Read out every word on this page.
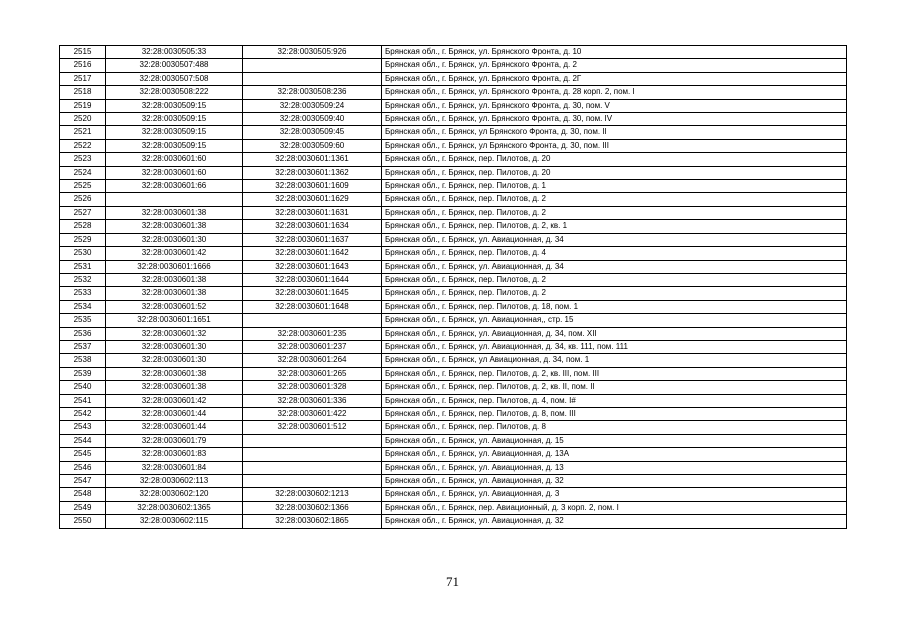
2515	32:28:0030505:33	32:28:0030505:926	Брянская обл., г. Брянск, ул. Брянского Фронта, д. 10
2516	32:28:0030507:488		Брянская обл., г. Брянск, ул. Брянского Фронта, д. 2
2517	32:28:0030507:508		Брянская обл., г. Брянск, ул. Брянского Фронта, д. 2Г
2518	32:28:0030508:222	32:28:0030508:236	Брянская обл., г. Брянск, ул. Брянского Фронта, д. 28 корп. 2, пом. I
2519	32:28:0030509:15	32:28:0030509:24	Брянская обл., г. Брянск, ул. Брянского Фронта, д. 30, пом. V
2520	32:28:0030509:15	32:28:0030509:40	Брянская обл., г. Брянск, ул. Брянского Фронта, д. 30, пом. IV
2521	32:28:0030509:15	32:28:0030509:45	Брянская обл., г. Брянск, ул Брянского Фронта, д. 30, пом. II
2522	32:28:0030509:15	32:28:0030509:60	Брянская обл., г. Брянск, ул Брянского Фронта, д. 30, пом. III
2523	32:28:0030601:60	32:28:0030601:1361	Брянская обл., г. Брянск, пер. Пилотов, д. 20
2524	32:28:0030601:60	32:28:0030601:1362	Брянская обл., г. Брянск, пер. Пилотов, д. 20
2525	32:28:0030601:66	32:28:0030601:1609	Брянская обл., г. Брянск, пер. Пилотов, д. 1
2526		32:28:0030601:1629	Брянская обл., г. Брянск, пер. Пилотов, д. 2
2527	32:28:0030601:38	32:28:0030601:1631	Брянская обл., г. Брянск, пер. Пилотов, д. 2
2528	32:28:0030601:38	32:28:0030601:1634	Брянская обл., г. Брянск, пер. Пилотов, д. 2, кв. 1
2529	32:28:0030601:30	32:28:0030601:1637	Брянская обл., г. Брянск, ул. Авиационная, д. 34
2530	32:28:0030601:42	32:28:0030601:1642	Брянская обл., г. Брянск, пер. Пилотов, д. 4
2531	32:28:0030601:1666	32:28:0030601:1643	Брянская обл., г. Брянск, ул. Авиационная, д. 34
2532	32:28:0030601:38	32:28:0030601:1644	Брянская обл., г. Брянск, пер. Пилотов, д. 2
2533	32:28:0030601:38	32:28:0030601:1645	Брянская обл., г. Брянск, пер. Пилотов, д. 2
2534	32:28:0030601:52	32:28:0030601:1648	Брянская обл., г. Брянск, пер. Пилотов, д. 18, пом. 1
2535	32:28:0030601:1651		Брянская обл., г. Брянск, ул. Авиационная,, стр. 15
2536	32:28:0030601:32	32:28:0030601:235	Брянская обл., г. Брянск, ул. Авиационная, д. 34, пом. XII
2537	32:28:0030601:30	32:28:0030601:237	Брянская обл., г. Брянск, ул. Авиационная, д. 34, кв. 111, пом. 111
2538	32:28:0030601:30	32:28:0030601:264	Брянская обл., г. Брянск, ул Авиационная, д. 34, пом. 1
2539	32:28:0030601:38	32:28:0030601:265	Брянская обл., г. Брянск, пер. Пилотов, д. 2, кв. III, пом. III
2540	32:28:0030601:38	32:28:0030601:328	Брянская обл., г. Брянск, пер. Пилотов, д. 2, кв. II, пом. II
2541	32:28:0030601:42	32:28:0030601:336	Брянская обл., г. Брянск, пер. Пилотов, д. 4, пом. I#
2542	32:28:0030601:44	32:28:0030601:422	Брянская обл., г. Брянск, пер. Пилотов, д. 8, пом. III
2543	32:28:0030601:44	32:28:0030601:512	Брянская обл., г. Брянск, пер. Пилотов, д. 8
2544	32:28:0030601:79		Брянская обл., г. Брянск, ул. Авиационная, д. 15
2545	32:28:0030601:83		Брянская обл., г. Брянск, ул. Авиационная, д. 13А
2546	32:28:0030601:84		Брянская обл., г. Брянск, ул. Авиационная, д. 13
2547	32:28:0030602:113		Брянская обл., г. Брянск, ул. Авиационная, д. 32
2548	32:28:0030602:120	32:28:0030602:1213	Брянская обл., г. Брянск, ул. Авиационная, д. 3
2549	32:28:0030602:1365	32:28:0030602:1366	Брянская обл., г. Брянск, пер. Авиационный, д. 3 корп. 2, пом. I
2550	32:28:0030602:115	32:28:0030602:1865	Брянская обл., г. Брянск, ул. Авиационная, д. 32
71
